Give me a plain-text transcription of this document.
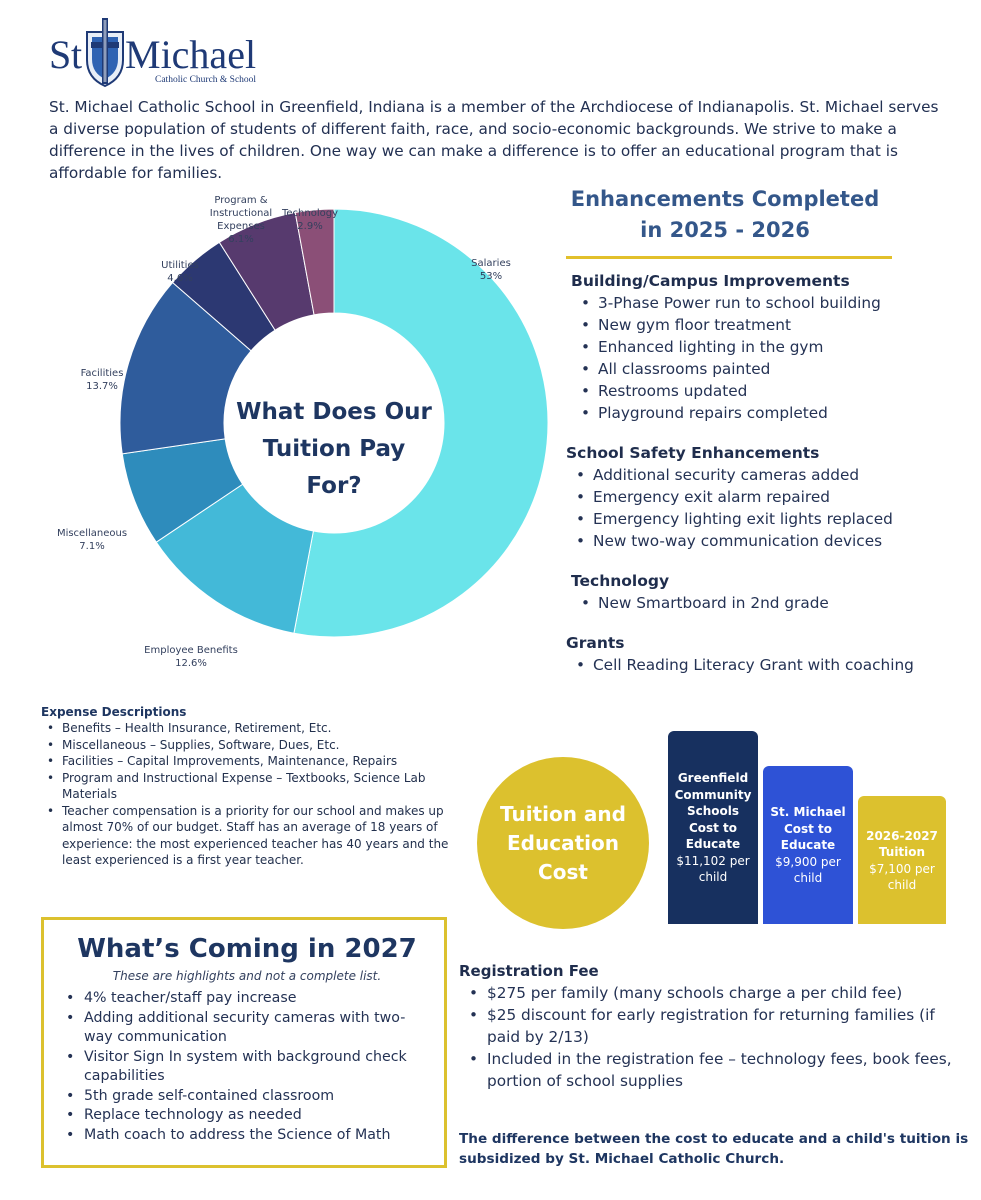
S t Michael
Catholic Church & School

St. Michael Catholic School in Greenfield, Indiana is a member of the Archdiocese of Indianapolis. St. Michael serves a diverse population of students of different faith, race, and socio-economic backgrounds. We strive to make a difference in the lives of children. One way we can make a difference is to offer an educational program that is affordable for families.

Salaries 53%
Employee Benefits 12.6%
Miscellaneous 7.1%
Facilities 13.7%
Utilities 4.6%
Program & Instructional Expenses 6.1%
Technology 2.9%
What Does Our Tuition Pay For?
Enhancements Completed
in 2025 - 2026
Building/Campus Improvements
• 3-Phase Power run to school building
• New gym floor treatment
• Enhanced lighting in the gym
• All classrooms painted
• Restrooms updated
• Playground repairs completed
School Safety Enhancements
• Additional security cameras added
• Emergency exit alarm repaired
• Emergency lighting exit lights replaced
• New two-way communication devices
Technology
• New Smartboard in 2nd grade
Grants
• Cell Reading Literacy Grant with coaching
Expense Descriptions
• Benefits – Health Insurance, Retirement, Etc.
• Miscellaneous – Supplies, Software, Dues, Etc.
• Facilities – Capital Improvements, Maintenance, Repairs
• Program and Instructional Expense – Textbooks, Science Lab Materials
• Teacher compensation is a priority for our school and makes up almost 70% of our budget. Staff has an average of 18 years of experience: the most experienced teacher has 40 years and the least experienced is a first year teacher.
Tuition and
Education
Cost
Greenfield
Community
Schools
Cost to
Educate
$11,102 per
child
St. Michael
Cost to
Educate
$9,900 per
child
2026-2027
Tuition
$7,100 per
child
What’s Coming in 2027

These are highlights and not a complete list.

• 4% teacher/staff pay increase
• Adding additional security cameras with two-way communication
• Visitor Sign In system with background check capabilities
• 5th grade self-contained classroom
• Replace technology as needed
• Math coach to address the Science of Math
Registration Fee
• $275 per family (many schools charge a per child fee)
• $25 discount for early registration for returning families (if paid by 2/13)
• Included in the registration fee – technology fees, book fees, portion of school supplies

The difference between the cost to educate and a child's tuition is subsidized by St. Michael Catholic Church.
